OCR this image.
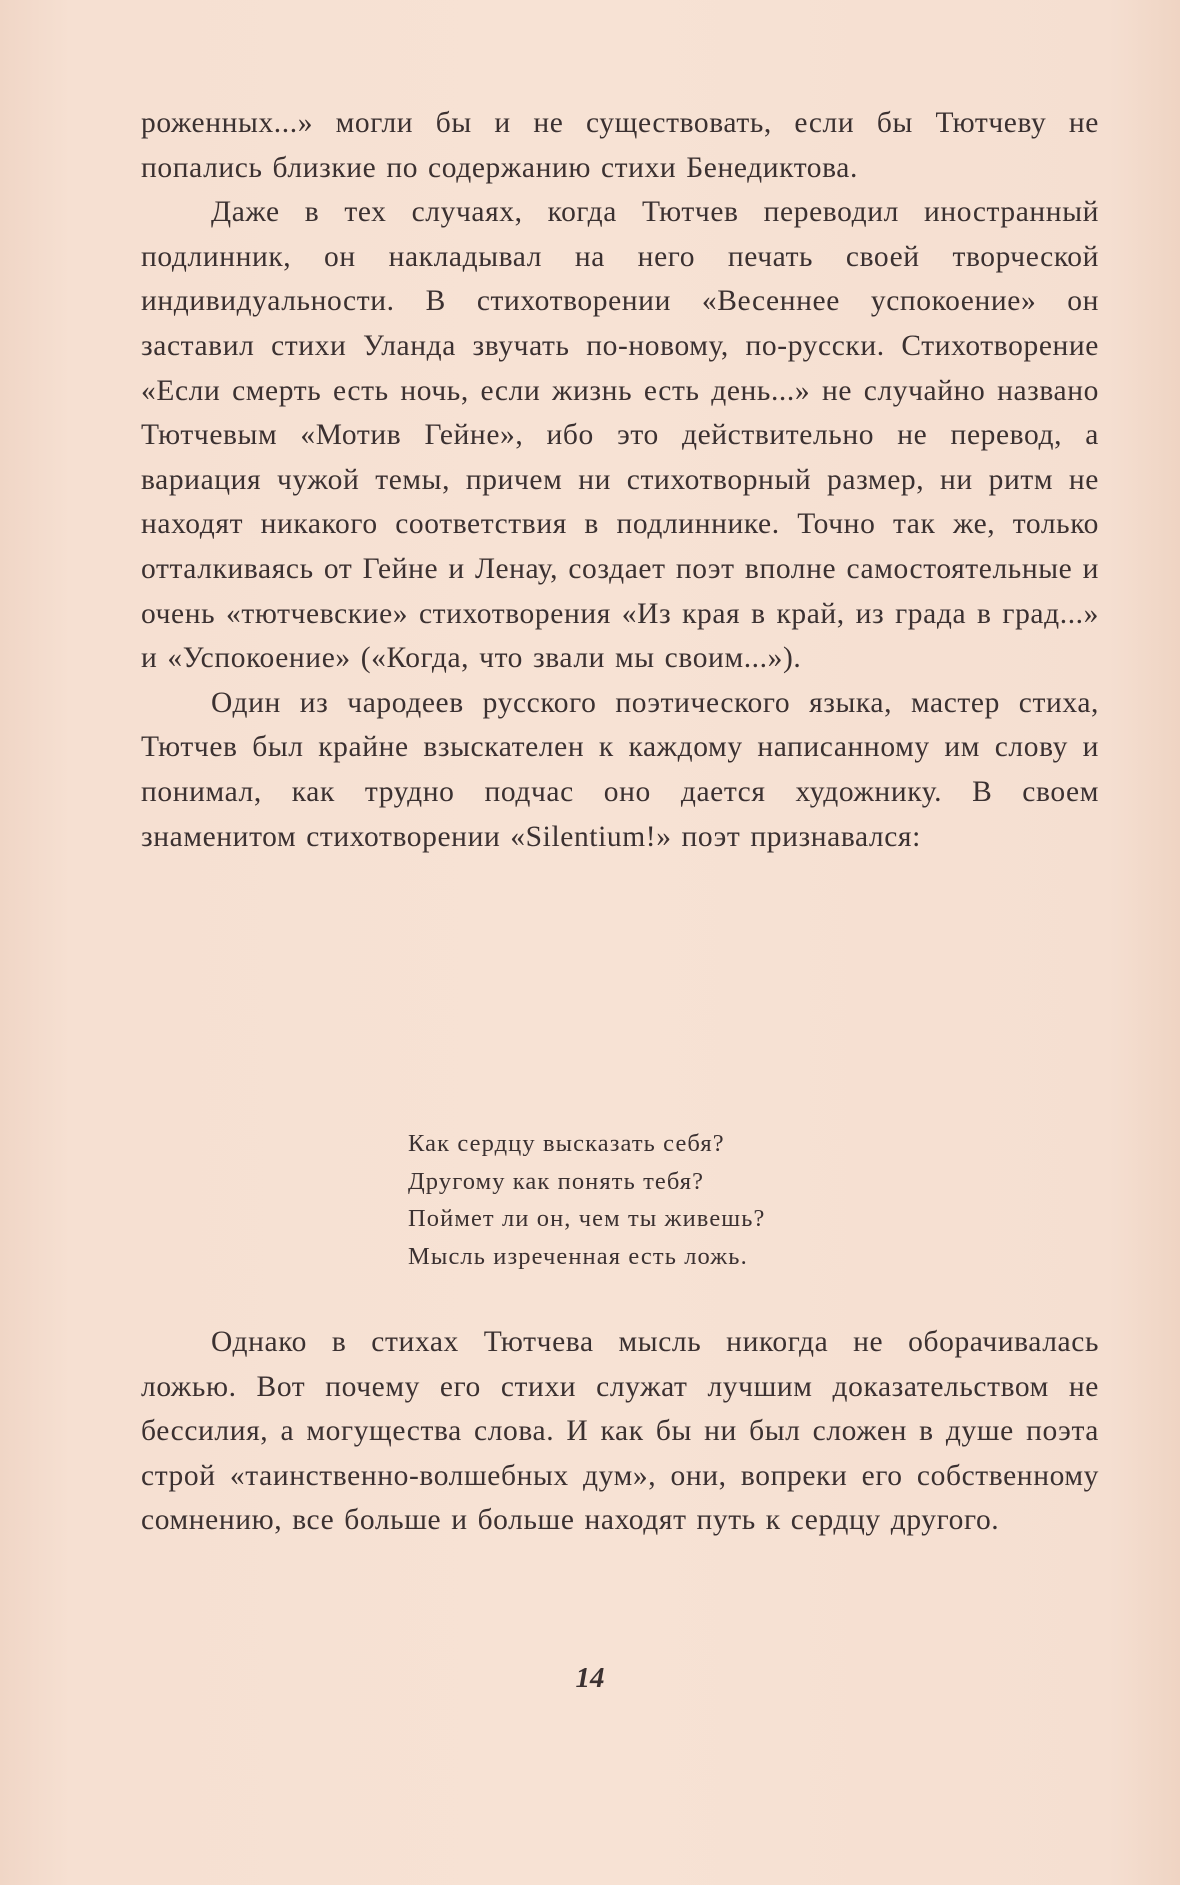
роженных...» могли бы и не существовать, если бы Тютчеву не попались близкие по содержанию стихи Бенедиктова.

Даже в тех случаях, когда Тютчев переводил иностранный подлинник, он накладывал на него печать своей творческой индивидуальности. В стихотворении «Весеннее успокоение» он заставил стихи Уланда звучать по-новому, по-русски. Стихотворение «Если смерть есть ночь, если жизнь есть день...» не случайно названо Тютчевым «Мотив Гейне», ибо это действительно не перевод, а вариация чужой темы, причем ни стихотворный размер, ни ритм не находят никакого соответствия в подлиннике. Точно так же, только отталкиваясь от Гейне и Ленау, создает поэт вполне самостоятельные и очень «тютчевские» стихотворения «Из края в край, из града в град...» и «Успокоение» («Когда, что звали мы своим...»).

Один из чародеев русского поэтического языка, мастер стиха, Тютчев был крайне взыскателен к каждому написанному им слову и понимал, как трудно подчас оно дается художнику. В своем знаменитом стихотворении «Silentium!» поэт признавался:

Как сердцу высказать себя?
Другому как понять тебя?
Поймет ли он, чем ты живешь?
Мысль изреченная есть ложь.

Однако в стихах Тютчева мысль никогда не оборачивалась ложью. Вот почему его стихи служат лучшим доказательством не бессилия, а могущества слова. И как бы ни был сложен в душе поэта строй «таинственно-волшебных дум», они, вопреки его собственному сомнению, все больше и больше находят путь к сердцу другого.

14
